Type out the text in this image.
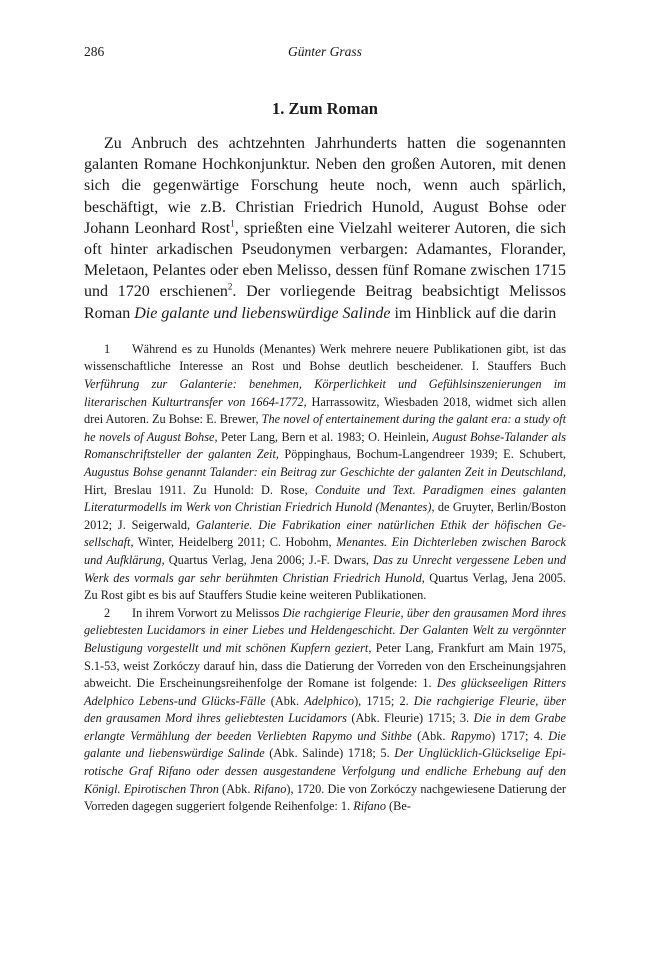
286	Günter Grass
1. Zum Roman

Zu Anbruch des achtzehnten Jahrhunderts hatten die sogenannten galanten Romane Hochkonjunktur. Neben den großen Autoren, mit denen sich die gegenwärtige Forschung heute noch, wenn auch spärlich, beschäftigt, wie z.B. Christian Friedrich Hunold, August Bohse oder Johann Leonhard Rost$^1$, sprießten eine Vielzahl weiterer Autoren, die sich oft hinter arkadischen Pseudonymen verbargen: Adamantes, Florander, Meletaon, Pelantes oder eben Melisso, dessen fünf Romane zwischen 1715 und 1720 erschienen$^2$. Der vorliegende Beitrag beabsichtigt Melissos Roman Die galante und liebenswürdige Salinde im Hinblick auf die darin

1 Während es zu Hunolds (Menantes) Werk mehrere neuere Publikationen gibt, ist das wissenschaftliche Interesse an Rost und Bohse deutlich bescheidener. I. Stauffers Buch Verführung zur Galanterie: benehmen, Körperlichkeit und Gefühlsinszenierungen im literarischen Kulturtransfer von 1664-1772, Harrassowitz, Wiesbaden 2018, widmet sich allen drei Autoren. Zu Bohse: E. Brewer, The novel of entertainement during the galant era: a study oft he novels of August Bohse, Peter Lang, Bern et al. 1983; O. Heinlein, August Bohse-Talander als Romanschriftsteller der galanten Zeit, Pöppinghaus, Bochum-Langendreer 1939; E. Schubert, Augustus Bohse genannt Talander: ein Beitrag zur Geschichte der galanten Zeit in Deutschland, Hirt, Breslau 1911. Zu Hunold: D. Rose, Conduite und Text. Paradigmen eines galanten Literaturmodells im Werk von Christian Friedrich Hunold (Menantes), de Gruyter, Berlin/Boston 2012; J. Seigerwald, Galanterie. Die Fabrikation einer natürlichen Ethik der höfischen Gesellschaft, Winter, Heidelberg 2011; C. Hobohm, Menantes. Ein Dichterleben zwischen Barock und Aufklärung, Quartus Verlag, Jena 2006; J.-F. Dwars, Das zu Unrecht vergessene Leben und Werk des vormals gar sehr berühmten Christian Friedrich Hunold, Quartus Verlag, Jena 2005. Zu Rost gibt es bis auf Stauffers Studie keine weiteren Publikationen.

2 In ihrem Vorwort zu Melissos Die rachgierige Fleurie, über den grausamen Mord ihres geliebtesten Lucidamors in einer Liebes und Heldengeschicht. Der Galanten Welt zu vergönnter Belustigung vorgestellt und mit schönen Kupfern geziert, Peter Lang, Frankfurt am Main 1975, S.1-53, weist Zorkóczy darauf hin, dass die Datierung der Vorreden von den Erscheinungsjahren abweicht. Die Erscheinungsreihenfolge der Romane ist folgende: 1. Des glückseeligen Ritters Adelphico Lebens-und Glücks-Fälle (Abk. Adelphico), 1715; 2. Die rachgierige Fleurie, über den grausamen Mord ihres geliebtesten Lucidamors (Abk. Fleurie) 1715; 3. Die in dem Grabe erlangte Vermählung der beeden Verliebten Rapymo und Sithbe (Abk. Rapymo) 1717; 4. Die galante und liebenswürdige Salinde (Abk. Salinde) 1718; 5. Der Unglücklich-Glückselige Epirotische Graf Rifano oder dessen ausgestandene Verfolgung und endliche Erhebung auf den Königl. Epirotischen Thron (Abk. Rifano), 1720. Die von Zorkóczy nachgewiesene Datierung der Vorreden dagegen suggeriert folgende Reihenfolge: 1. Rifano (Be-
